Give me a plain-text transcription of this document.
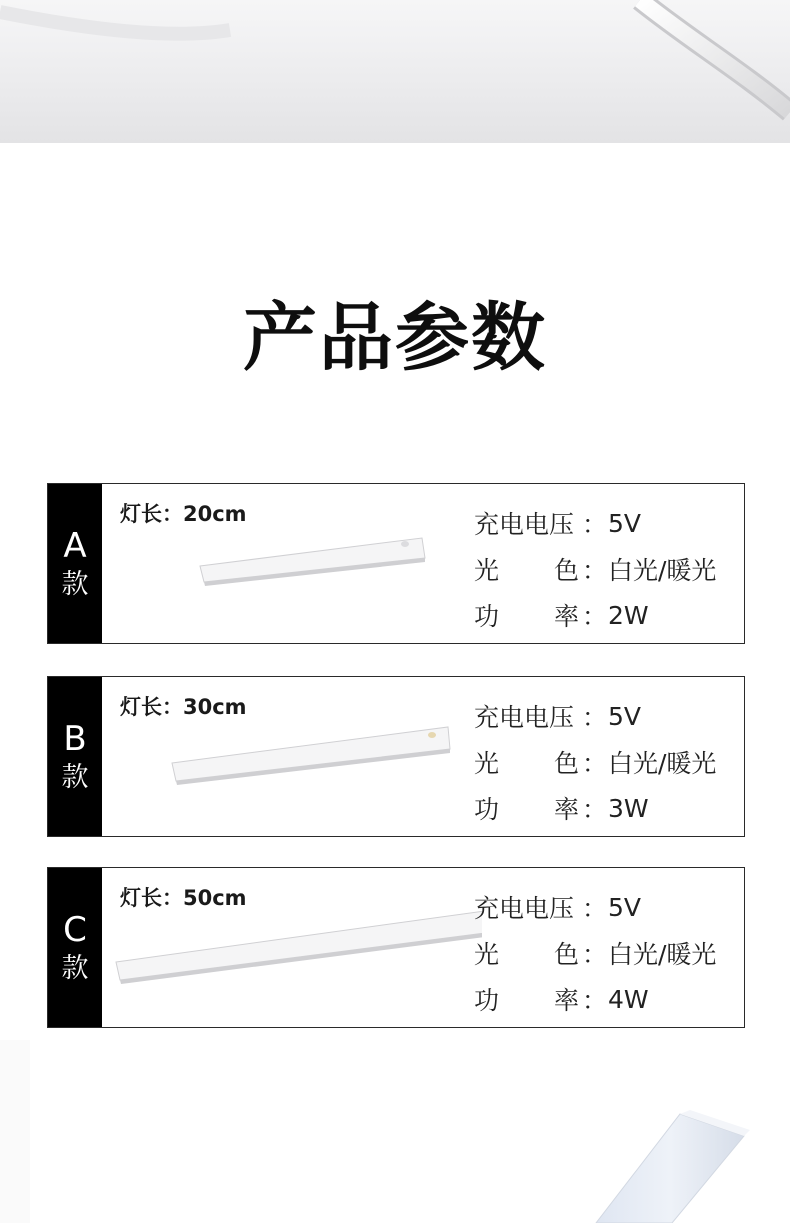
产品参数
A
款
灯长：20cm	充电电压 ： 5V
光	色 ： 白光/暖光
功	率 ： 2W
B
款
灯长：30cm	充电电压 ： 5V
光	色 ： 白光/暖光
功	率 ： 3W
C
款
灯长：50cm	充电电压 ： 5V
光	色 ： 白光/暖光
功	率 ： 4W
